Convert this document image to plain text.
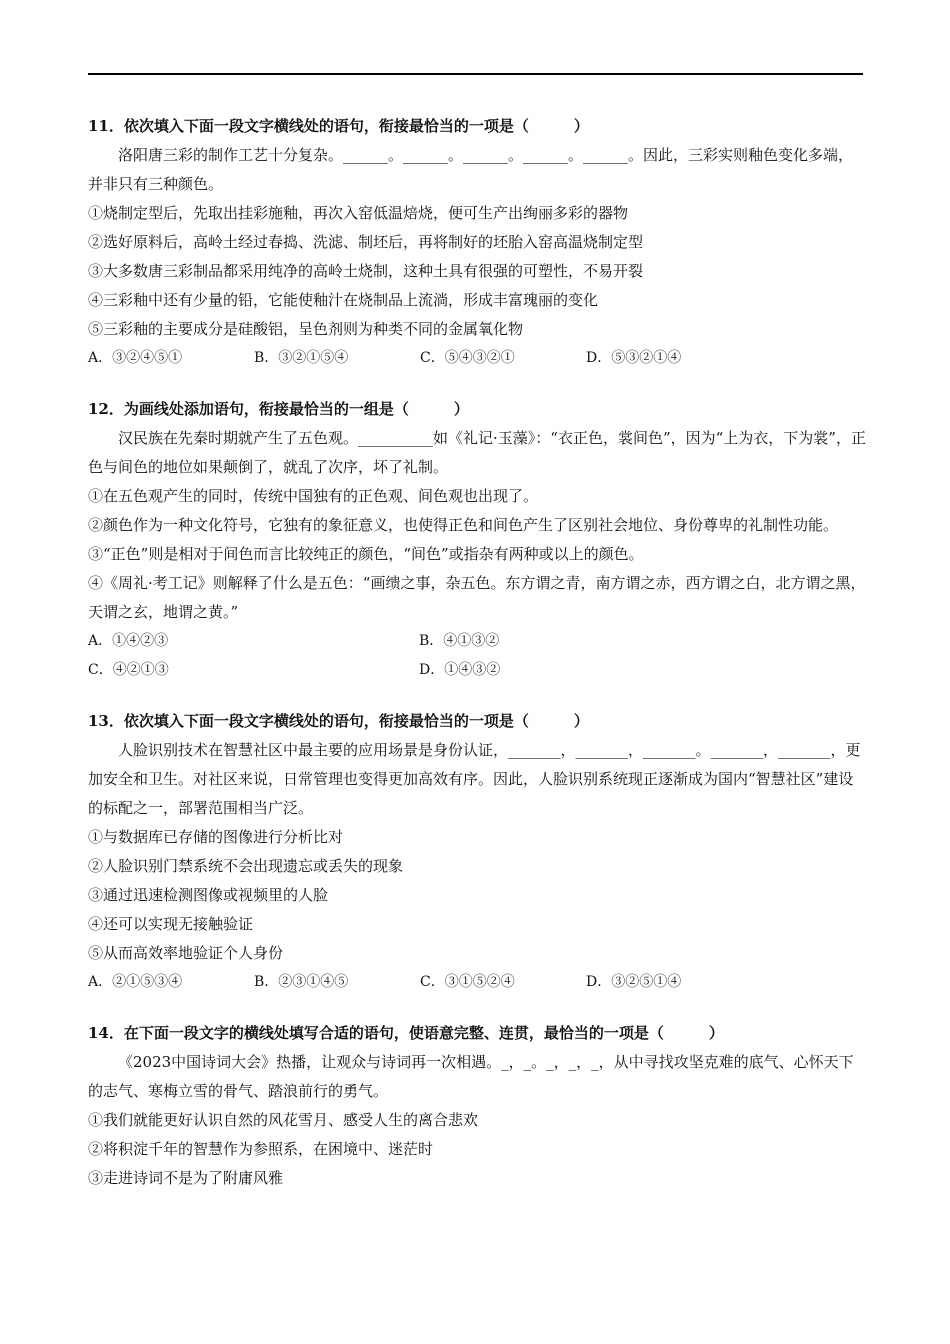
11．依次填入下面一段文字横线处的语句，衔接最恰当的一项是（　　　）
洛阳唐三彩的制作工艺十分复杂。______。______。______。______。______。因此，三彩实则釉色变化多端，并非只有三种颜色。
①烧制定型后，先取出挂彩施釉，再次入窑低温焙烧，便可生产出绚丽多彩的器物
②选好原料后，高岭土经过春捣、洗滤、制坯后，再将制好的坯胎入窑高温烧制定型
③大多数唐三彩制品都采用纯净的高岭土烧制，这种土具有很强的可塑性，不易开裂
④三彩釉中还有少量的铅，它能使釉汁在烧制品上流淌，形成丰富瑰丽的变化
⑤三彩釉的主要成分是硅酸铝，呈色剂则为种类不同的金属氧化物
A．③②④⑤①	B．③②①⑤④	C．⑤④③②①	D．⑤③②①④
12．为画线处添加语句，衔接最恰当的一组是（　　　）
汉民族在先秦时期就产生了五色观。__________如《礼记·玉藻》：“衣正色，裳间色”，因为“上为衣，下为裳”，正色与间色的地位如果颠倒了，就乱了次序，坏了礼制。
①在五色观产生的同时，传统中国独有的正色观、间色观也出现了。
②颜色作为一种文化符号，它独有的象征意义，也使得正色和间色产生了区别社会地位、身份尊卑的礼制性功能。
③“正色”则是相对于间色而言比较纯正的颜色，“间色”或指杂有两种或以上的颜色。
④《周礼·考工记》则解释了什么是五色：“画缋之事，杂五色。东方谓之青，南方谓之赤，西方谓之白，北方谓之黑，天谓之玄，地谓之黄。”
A．①④②③	B．④①③②
C．④②①③	D．①④③②
13．依次填入下面一段文字横线处的语句，衔接最恰当的一项是（　　　）
人脸识别技术在智慧社区中最主要的应用场景是身份认证，_______，_______，_______。_______，_______，更加安全和卫生。对社区来说，日常管理也变得更加高效有序。因此，人脸识别系统现正逐渐成为国内“智慧社区”建设的标配之一，部署范围相当广泛。
①与数据库已存储的图像进行分析比对
②人脸识别门禁系统不会出现遗忘或丢失的现象
③通过迅速检测图像或视频里的人脸
④还可以实现无接触验证
⑤从而高效率地验证个人身份
A．②①⑤③④	B．②③①④⑤	C．③①⑤②④	D．③②⑤①④
14．在下面一段文字的横线处填写合适的语句，使语意完整、连贯，最恰当的一项是（　　　）
《2023中国诗词大会》热播，让观众与诗词再一次相遇。_，_。_，_，_，从中寻找攻坚克难的底气、心怀天下的志气、寒梅立雪的骨气、踏浪前行的勇气。
①我们就能更好认识自然的风花雪月、感受人生的离合悲欢
②将积淀千年的智慧作为参照系，在困境中、迷茫时
③走进诗词不是为了附庸风雅
